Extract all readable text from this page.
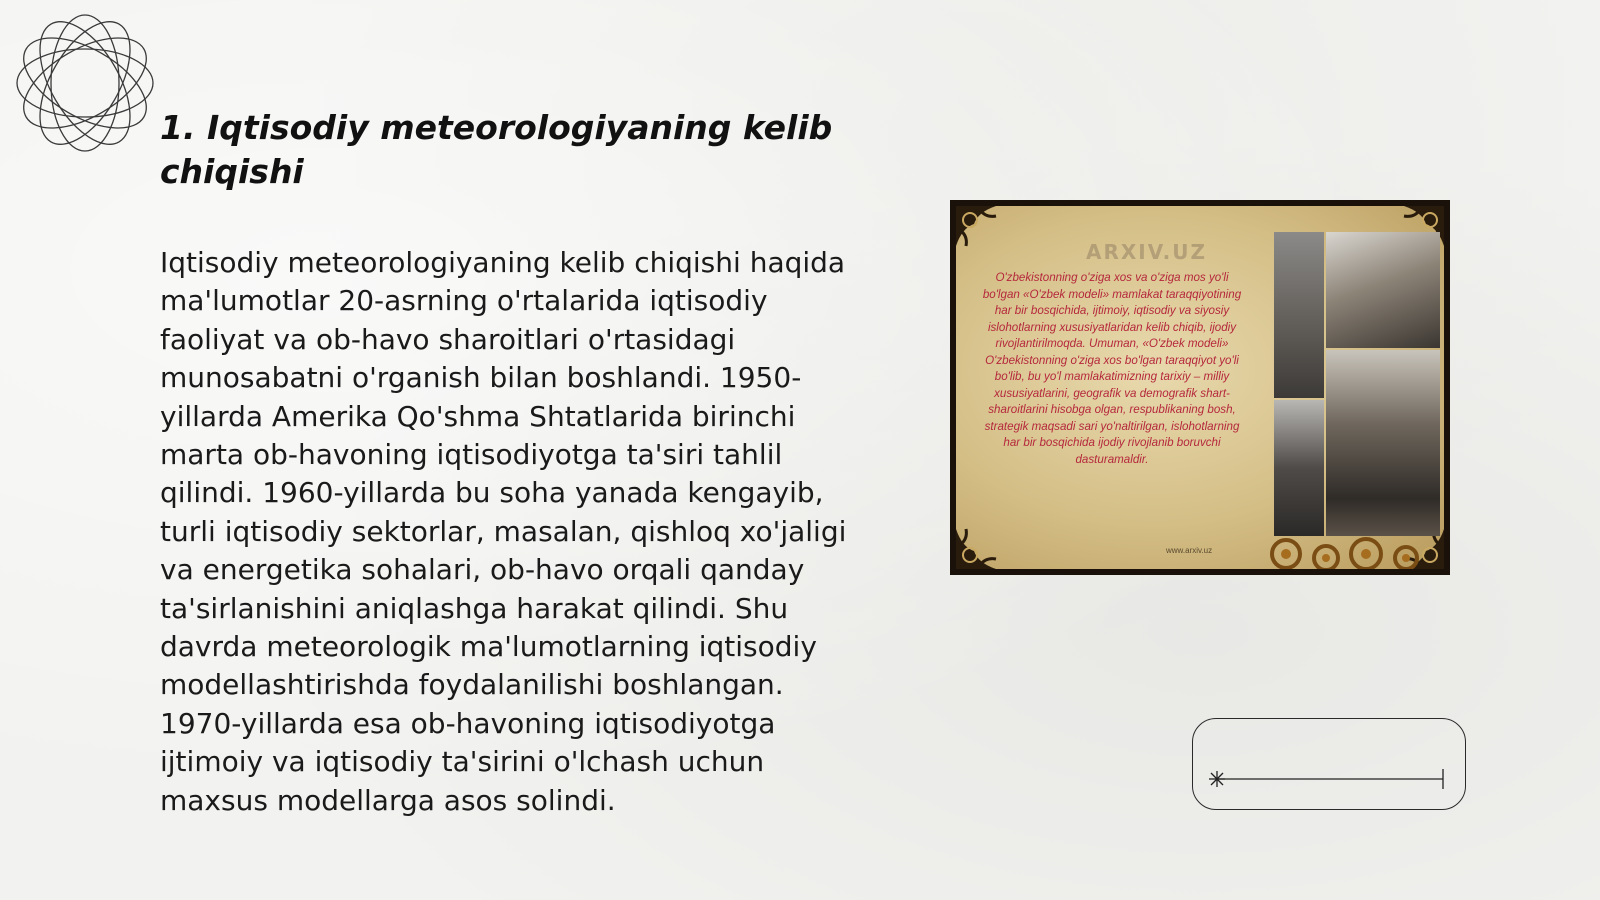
1. Iqtisodiy meteorologiyaning kelib chiqishi

Iqtisodiy meteorologiyaning kelib chiqishi haqida ma'lumotlar 20-asrning o'rtalarida iqtisodiy faoliyat va ob-havo sharoitlari o'rtasidagi munosabatni o'rganish bilan boshlandi. 1950-yillarda Amerika Qo'shma Shtatlarida birinchi marta ob-havoning iqtisodiyotga ta'siri tahlil qilindi. 1960-yillarda bu soha yanada kengayib, turli iqtisodiy sektorlar, masalan, qishloq xo'jaligi va energetika sohalari, ob-havo orqali qanday ta'sirlanishini aniqlashga harakat qilindi. Shu davrda meteorologik ma'lumotlarning iqtisodiy modellashtirishda foydalanilishi boshlangan. 1970-yillarda esa ob-havoning iqtisodiyotga ijtimoiy va iqtisodiy ta'sirini o'lchash uchun maxsus modellarga asos solindi.

ARXIV.UZ

O'zbekistonning o'ziga xos va o'ziga mos yo'li bo'lgan «O'zbek modeli» mamlakat taraqqiyotining har bir bosqichida, ijtimoiy, iqtisodiy va siyosiy islohotlarning xususiyatlaridan kelib chiqib, ijodiy rivojlantirilmoqda. Umuman, «O'zbek modeli» O'zbekistonning o'ziga xos bo'lgan taraqqiyot yo'li bo'lib, bu yo'l mamlakatimizning tarixiy – milliy xususiyatlarini, geografik va demografik shart-sharoitlarini hisobga olgan, respublikaning bosh, strategik maqsadi sari yo'naltirilgan, islohotlarning har bir bosqichida ijodiy rivojlanib boruvchi dasturamaldir.

www.arxiv.uz
